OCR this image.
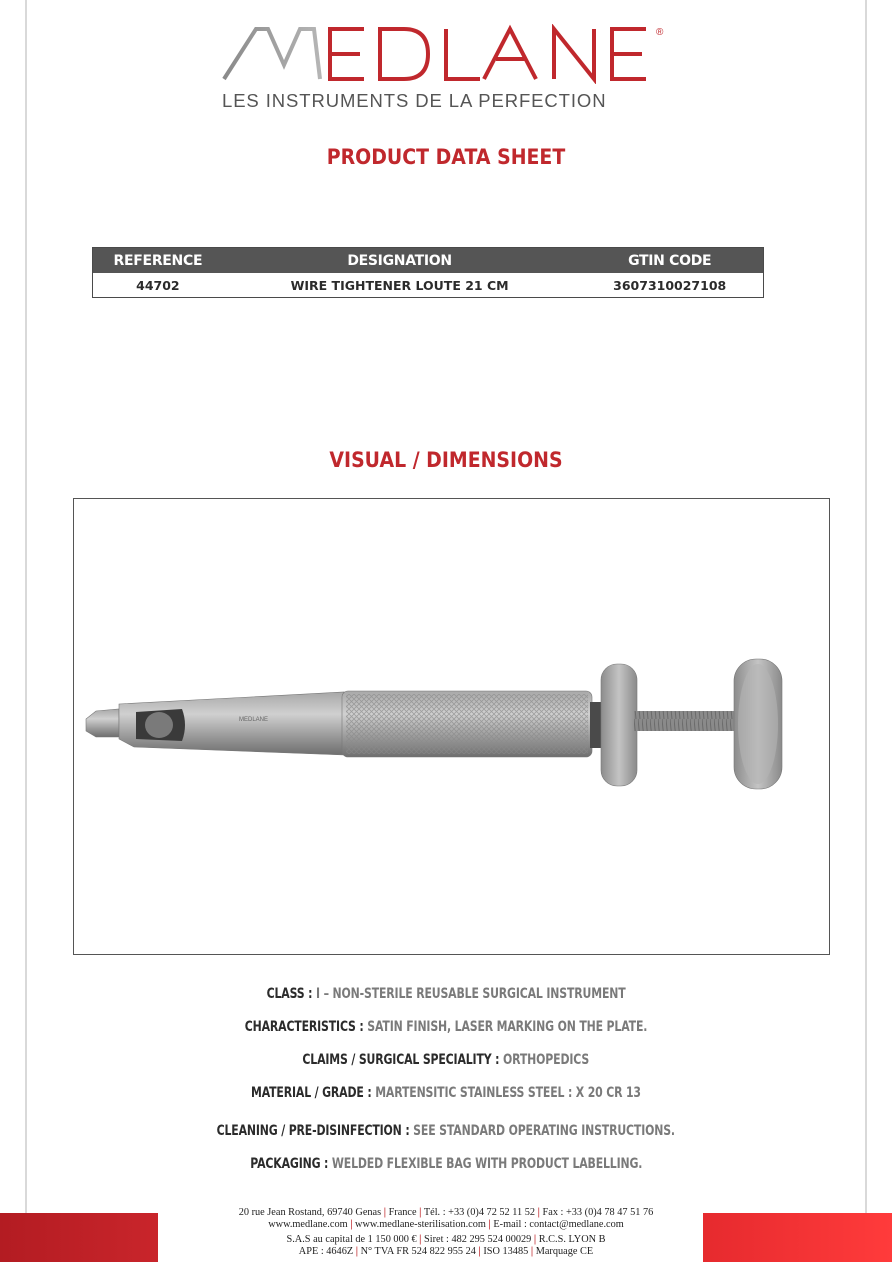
®
LES INSTRUMENTS DE LA PERFECTION
PRODUCT DATA SHEET
REFERENCE	DESIGNATION	GTIN CODE
44702	WIRE TIGHTENER LOUTE 21 CM	3607310027108
VISUAL / DIMENSIONS
MEDLANE
CLASS : I – NON-STERILE REUSABLE SURGICAL INSTRUMENT
CHARACTERISTICS : SATIN FINISH, LASER MARKING ON THE PLATE.
CLAIMS / SURGICAL SPECIALITY : ORTHOPEDICS
MATERIAL / GRADE : MARTENSITIC STAINLESS STEEL : X 20 CR 13
CLEANING / PRE-DISINFECTION : SEE STANDARD OPERATING INSTRUCTIONS.
PACKAGING : WELDED FLEXIBLE BAG WITH PRODUCT LABELLING.
20 rue Jean Rostand, 69740 Genas | France | Tél. : +33 (0)4 72 52 11 52 | Fax : +33 (0)4 78 47 51 76
www.medlane.com | www.medlane-sterilisation.com | E-mail : contact@medlane.com
S.A.S au capital de 1 150 000 € | Siret : 482 295 524 00029 | R.C.S. LYON B
APE : 4646Z | N° TVA FR 524 822 955 24 | ISO 13485 | Marquage CE
